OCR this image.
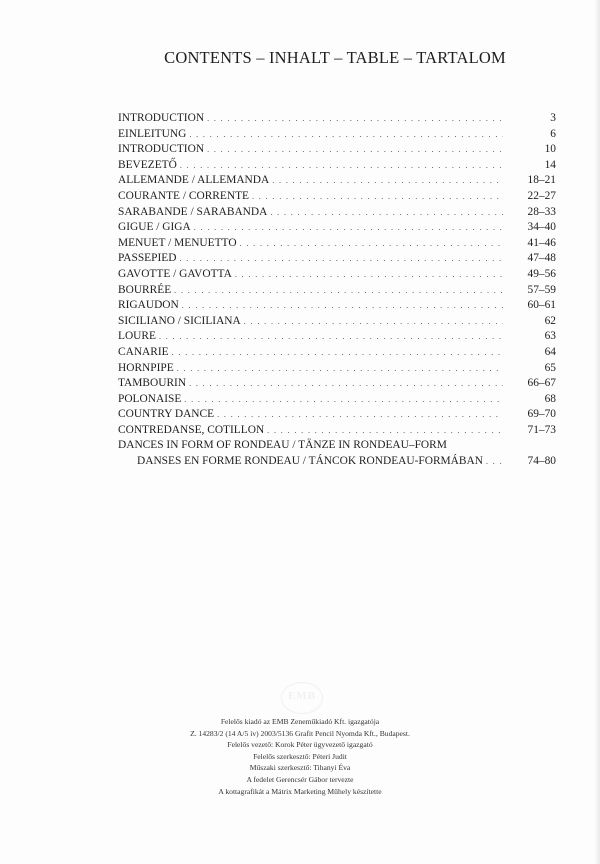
CONTENTS – INHALT – TABLE – TARTALOM
INTRODUCTION . . .	3
EINLEITUNG . . .	6
INTRODUCTION . . .	10
BEVEZETŐ . . .	14
ALLEMANDE / ALLEMANDA . . .	18–21
COURANTE / CORRENTE . . .	22–27
SARABANDE / SARABANDA . . .	28–33
GIGUE / GIGA . . .	34–40
MENUET / MENUETTO . . .	41–46
PASSEPIED . . .	47–48
GAVOTTE / GAVOTTA . . .	49–56
BOURRÉE . . .	57–59
RIGAUDON . . .	60–61
SICILIANO / SICILIANA . . .	62
LOURE . . .	63
CANARIE . . .	64
HORNPIPE . . .	65
TAMBOURIN . . .	66–67
POLONAISE . . .	68
COUNTRY DANCE . . .	69–70
CONTREDANSE, COTILLON . . .	71–73
DANCES IN FORM OF RONDEAU / TÄNZE IN RONDEAU–FORM
DANSES EN FORME RONDEAU / TÁNCOK RONDEAU-FORMÁBAN . . .	74–80
EMB
Felelős kiadó az EMB Zeneműkiadó Kft. igazgatója
Z. 14283/2 (14 A/5 ív) 2003/5136 Grafit Pencil Nyomda Kft., Budapest.
Felelős vezető: Korok Péter ügyvezető igazgató
Felelős szerkesztő: Péteri Judit
Műszaki szerkesztő: Tihanyi Éva
A fedelet Gerencsér Gábor tervezte
A kottagrafikát a Mátrix Marketing Műhely készítette
